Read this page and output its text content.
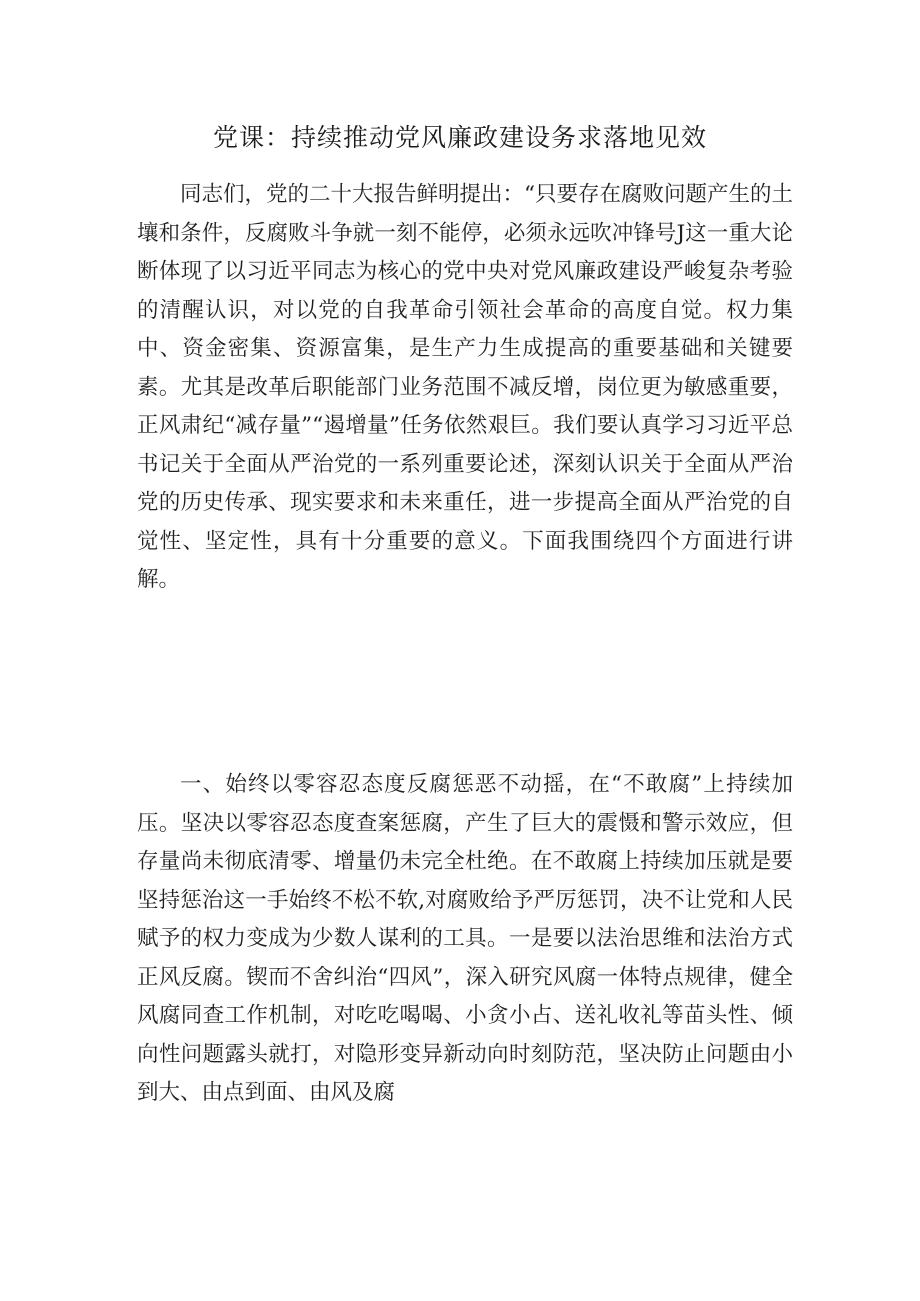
党课：持续推动党风廉政建设务求落地见效

同志们，党的二十大报告鲜明提出：“只要存在腐败问题产生的土壤和条件，反腐败斗争就一刻不能停，必须永远吹冲锋号J这一重大论断体现了以习近平同志为核心的党中央对党风廉政建设严峻复杂考验的清醒认识，对以党的自我革命引领社会革命的高度自觉。权力集中、资金密集、资源富集，是生产力生成提高的重要基础和关键要素。尤其是改革后职能部门业务范围不减反增，岗位更为敏感重要，正风肃纪“减存量”“遏增量”任务依然艰巨。我们要认真学习习近平总书记关于全面从严治党的一系列重要论述，深刻认识关于全面从严治党的历史传承、现实要求和未来重任，进一步提高全面从严治党的自觉性、坚定性，具有十分重要的意义。下面我围绕四个方面进行讲解。

一、始终以零容忍态度反腐惩恶不动摇，在“不敢腐”上持续加压。坚决以零容忍态度查案惩腐，产生了巨大的震慑和警示效应，但存量尚未彻底清零、增量仍未完全杜绝。在不敢腐上持续加压就是要坚持惩治这一手始终不松不软,对腐败给予严厉惩罚，决不让党和人民赋予的权力变成为少数人谋利的工具。一是要以法治思维和法治方式正风反腐。锲而不舍纠治“四风”，深入研究风腐一体特点规律，健全风腐同查工作机制，对吃吃喝喝、小贪小占、送礼收礼等苗头性、倾向性问题露头就打，对隐形变异新动向时刻防范，坚决防止问题由小到大、由点到面、由风及腐
